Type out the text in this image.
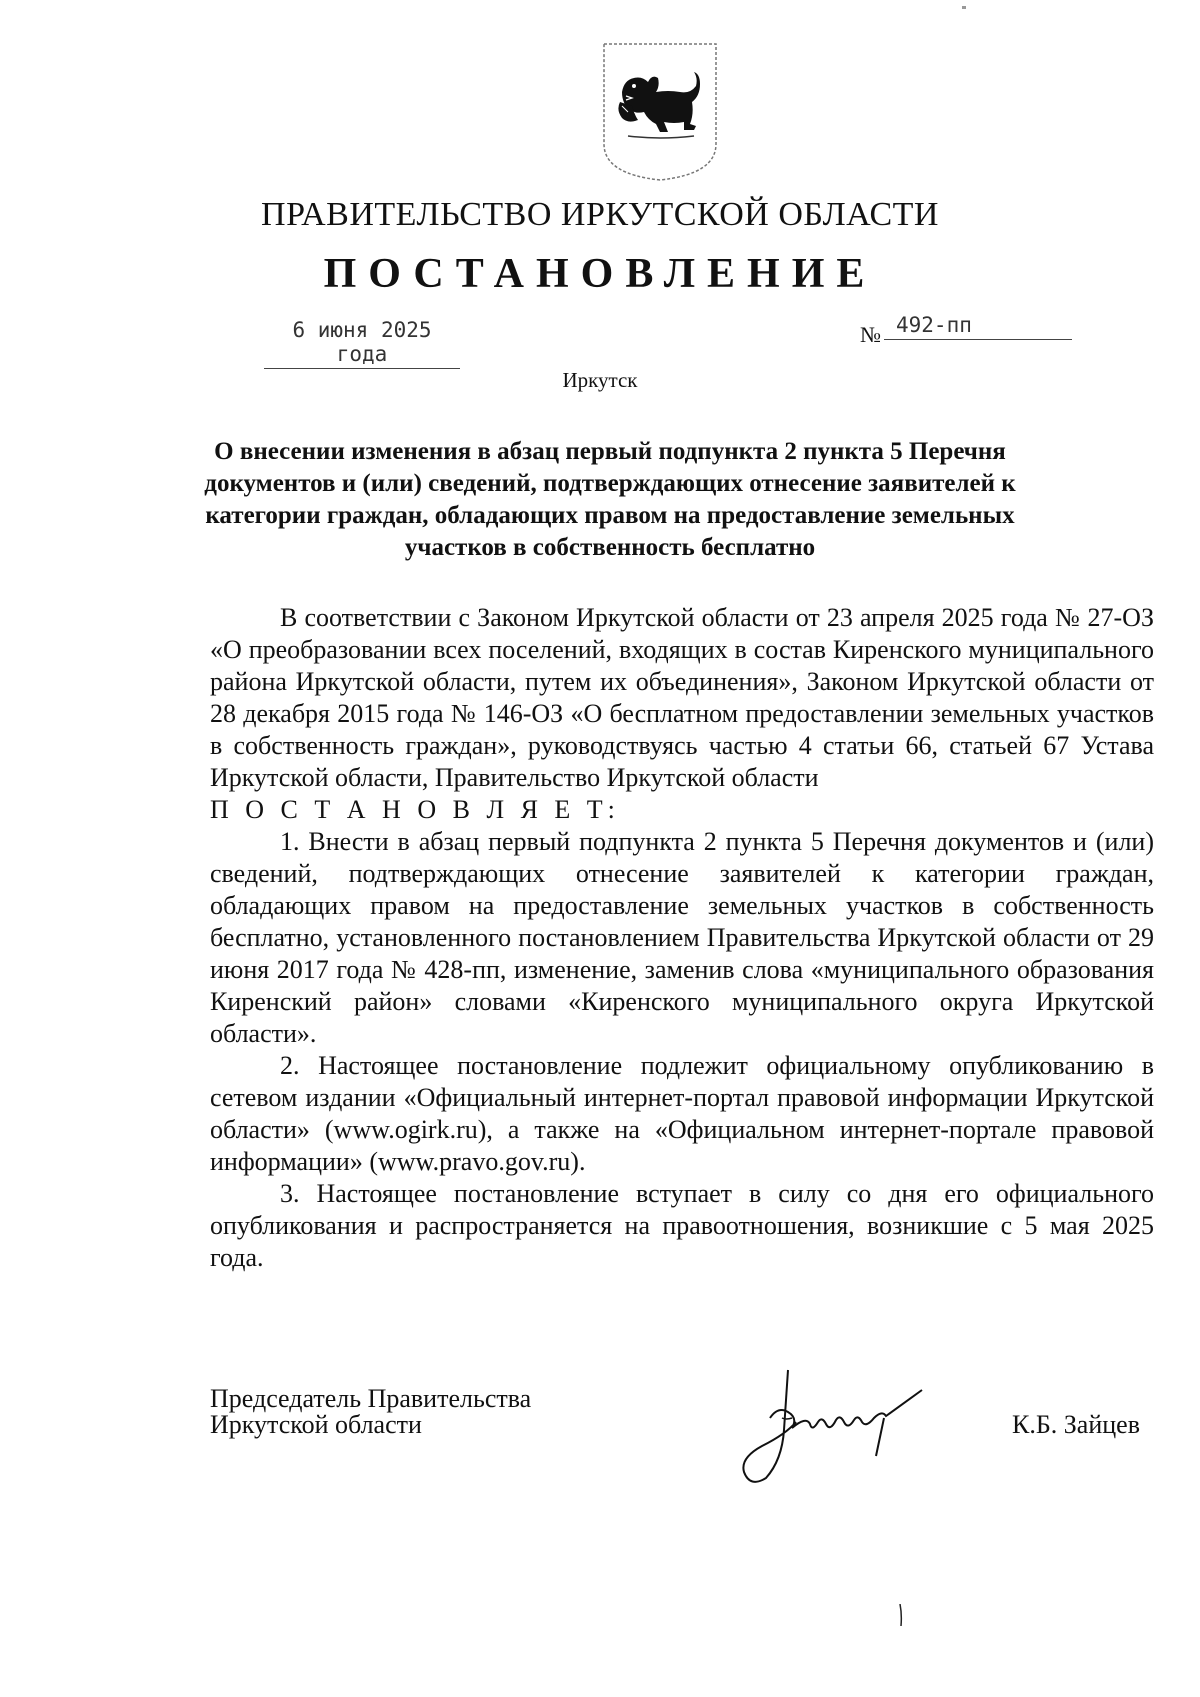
ПРАВИТЕЛЬСТВО ИРКУТСКОЙ ОБЛАСТИ
ПОСТАНОВЛЕНИЕ
6 июня 2025 года
№ 492-пп
Иркутск
О внесении изменения в абзац первый подпункта 2 пункта 5 Перечня документов и (или) сведений, подтверждающих отнесение заявителей к категории граждан, обладающих правом на предоставление земельных участков в собственность бесплатно

В соответствии с Законом Иркутской области от 23 апреля 2025 года № 27-ОЗ «О преобразовании всех поселений, входящих в состав Киренского муниципального района Иркутской области, путем их объединения», Законом Иркутской области от 28 декабря 2015 года № 146-ОЗ «О бесплатном предоставлении земельных участков в собственность граждан», руководствуясь частью 4 статьи 66, статьей 67 Устава Иркутской области, Правительство Иркутской области

П О С Т А Н О В Л Я Е Т:

1. Внести в абзац первый подпункта 2 пункта 5 Перечня документов и (или) сведений, подтверждающих отнесение заявителей к категории граждан, обладающих правом на предоставление земельных участков в собственность бесплатно, установленного постановлением Правительства Иркутской области от 29 июня 2017 года № 428-пп, изменение, заменив слова «муниципального образования Киренский район» словами «Киренского муниципального округа Иркутской области».

2. Настоящее постановление подлежит официальному опубликованию в сетевом издании «Официальный интернет-портал правовой информации Иркутской области» (www.ogirk.ru), а также на «Официальном интернет-портале правовой информации» (www.pravo.gov.ru).

3. Настоящее постановление вступает в силу со дня его официального опубликования и распространяется на правоотношения, возникшие с 5 мая 2025 года.

Председатель Правительства
Иркутской области	К.Б. Зайцев
